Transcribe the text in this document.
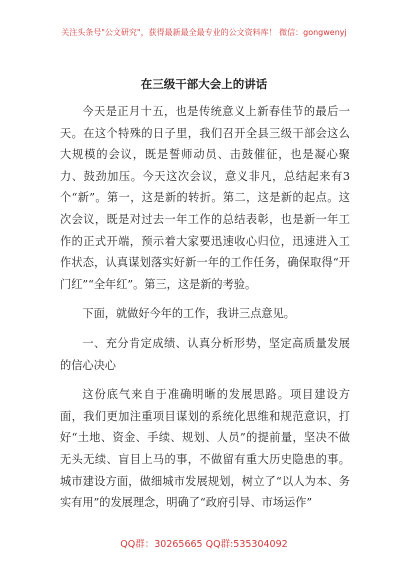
关注头条号"公文研究"，获得最新最全最专业的公文资料库！ 微信：gongwenyj
在三级干部大会上的讲话

今天是正月十五，也是传统意义上新春佳节的最后一天。在这个特殊的日子里，我们召开全县三级干部会这么大规模的会议，既是誓师动员、击鼓催征，也是凝心聚力、鼓劲加压。今天这次会议，意义非凡，总结起来有3个“新”。第一，这是新的转折。第二，这是新的起点。这次会议，既是对过去一年工作的总结表彰，也是新一年工作的正式开端，预示着大家要迅速收心归位，迅速进入工作状态，认真谋划落实好新一年的工作任务，确保取得“开门红”“全年红”。第三，这是新的考验。

下面，就做好今年的工作，我讲三点意见。

一、充分肯定成绩、认真分析形势，坚定高质量发展的信心决心

这份底气来自于准确明晰的发展思路。项目建设方面，我们更加注重项目谋划的系统化思维和规范意识，打好“土地、资金、手续、规划、人员”的提前量，坚决不做无头无续、盲目上马的事，不做留有重大历史隐患的事。城市建设方面，做细城市发展规划，树立了“以人为本、务实有用”的发展理念，明确了“政府引导、市场运作”

QQ群：30265665 QQ群:535304092
